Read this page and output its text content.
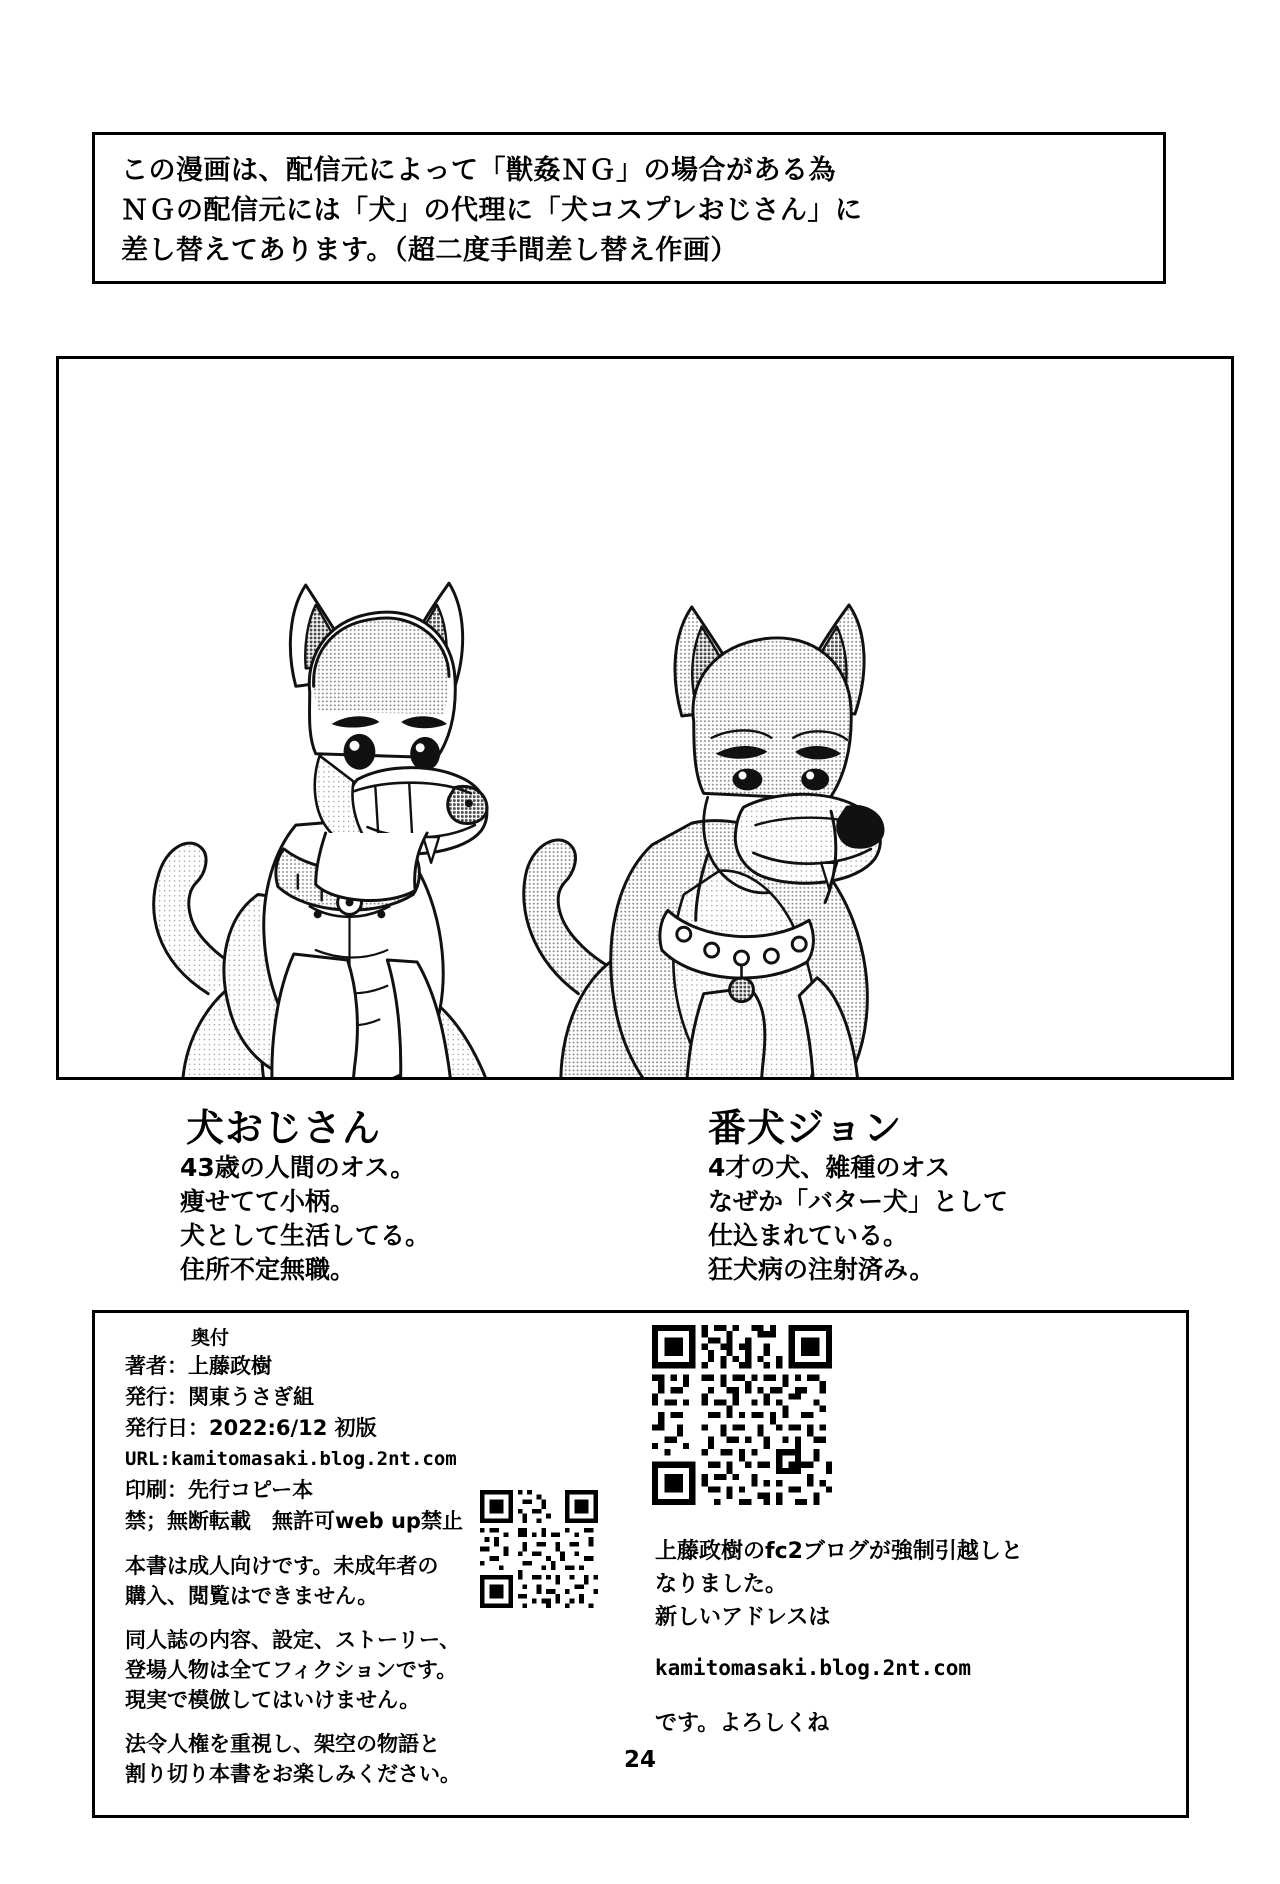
この漫画は、配信元によって「獣姦ＮＧ」の場合がある為
ＮＧの配信元には「犬」の代理に「犬コスプレおじさん」に
差し替えてあります。（超二度手間差し替え作画）
犬おじさん
43歳の人間のオス。
痩せてて小柄。
犬として生活してる。
住所不定無職。
番犬ジョン
4才の犬、雑種のオス
なぜか「バター犬」として
仕込まれている。
狂犬病の注射済み。
奥付
著者：上藤政樹
発行：関東うさぎ組
発行日：2022:6/12 初版
URL:kamitomasaki.blog.2nt.com
印刷：先行コピー本
禁；無断転載　無許可web up禁止
本書は成人向けです。未成年者の
購入、閲覧はできません。
同人誌の内容、設定、ストーリー、
登場人物は全てフィクションです。
現実で模倣してはいけません。
法令人権を重視し、架空の物語と
割り切り本書をお楽しみください。
上藤政樹のfc2ブログが強制引越しと
なりました。
新しいアドレスは
kamitomasaki.blog.2nt.com
です。よろしくね
24
